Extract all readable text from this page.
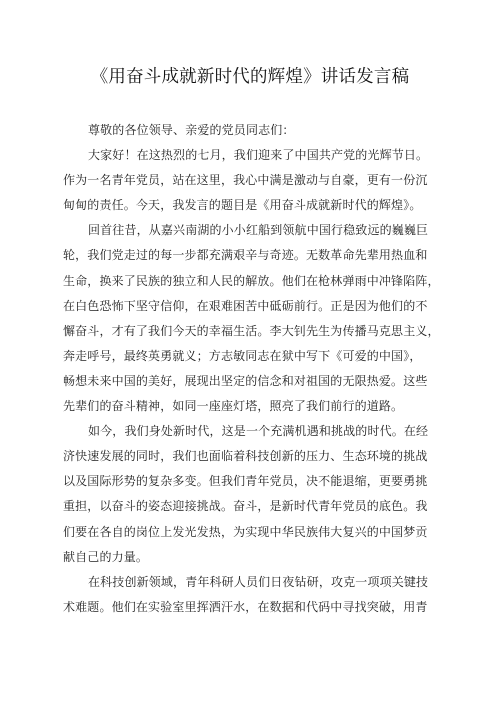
《用奋斗成就新时代的辉煌》讲话发言稿
尊敬的各位领导、亲爱的党员同志们：
大家好！在这热烈的七月，我们迎来了中国共产党的光辉节日。
作为一名青年党员，站在这里，我心中满是激动与自豪，更有一份沉
甸甸的责任。今天，我发言的题目是《用奋斗成就新时代的辉煌》。
回首往昔，从嘉兴南湖的小小红船到领航中国行稳致远的巍巍巨
轮，我们党走过的每一步都充满艰辛与奇迹。无数革命先辈用热血和
生命，换来了民族的独立和人民的解放。他们在枪林弹雨中冲锋陷阵，
在白色恐怖下坚守信仰，在艰难困苦中砥砺前行。正是因为他们的不
懈奋斗，才有了我们今天的幸福生活。李大钊先生为传播马克思主义，
奔走呼号，最终英勇就义；方志敏同志在狱中写下《可爱的中国》，
畅想未来中国的美好，展现出坚定的信念和对祖国的无限热爱。这些
先辈们的奋斗精神，如同一座座灯塔，照亮了我们前行的道路。
如今，我们身处新时代，这是一个充满机遇和挑战的时代。在经
济快速发展的同时，我们也面临着科技创新的压力、生态环境的挑战
以及国际形势的复杂多变。但我们青年党员，决不能退缩，更要勇挑
重担，以奋斗的姿态迎接挑战。奋斗，是新时代青年党员的底色。我
们要在各自的岗位上发光发热，为实现中华民族伟大复兴的中国梦贡
献自己的力量。
在科技创新领域，青年科研人员们日夜钻研，攻克一项项关键技
术难题。他们在实验室里挥洒汗水，在数据和代码中寻找突破，用青
